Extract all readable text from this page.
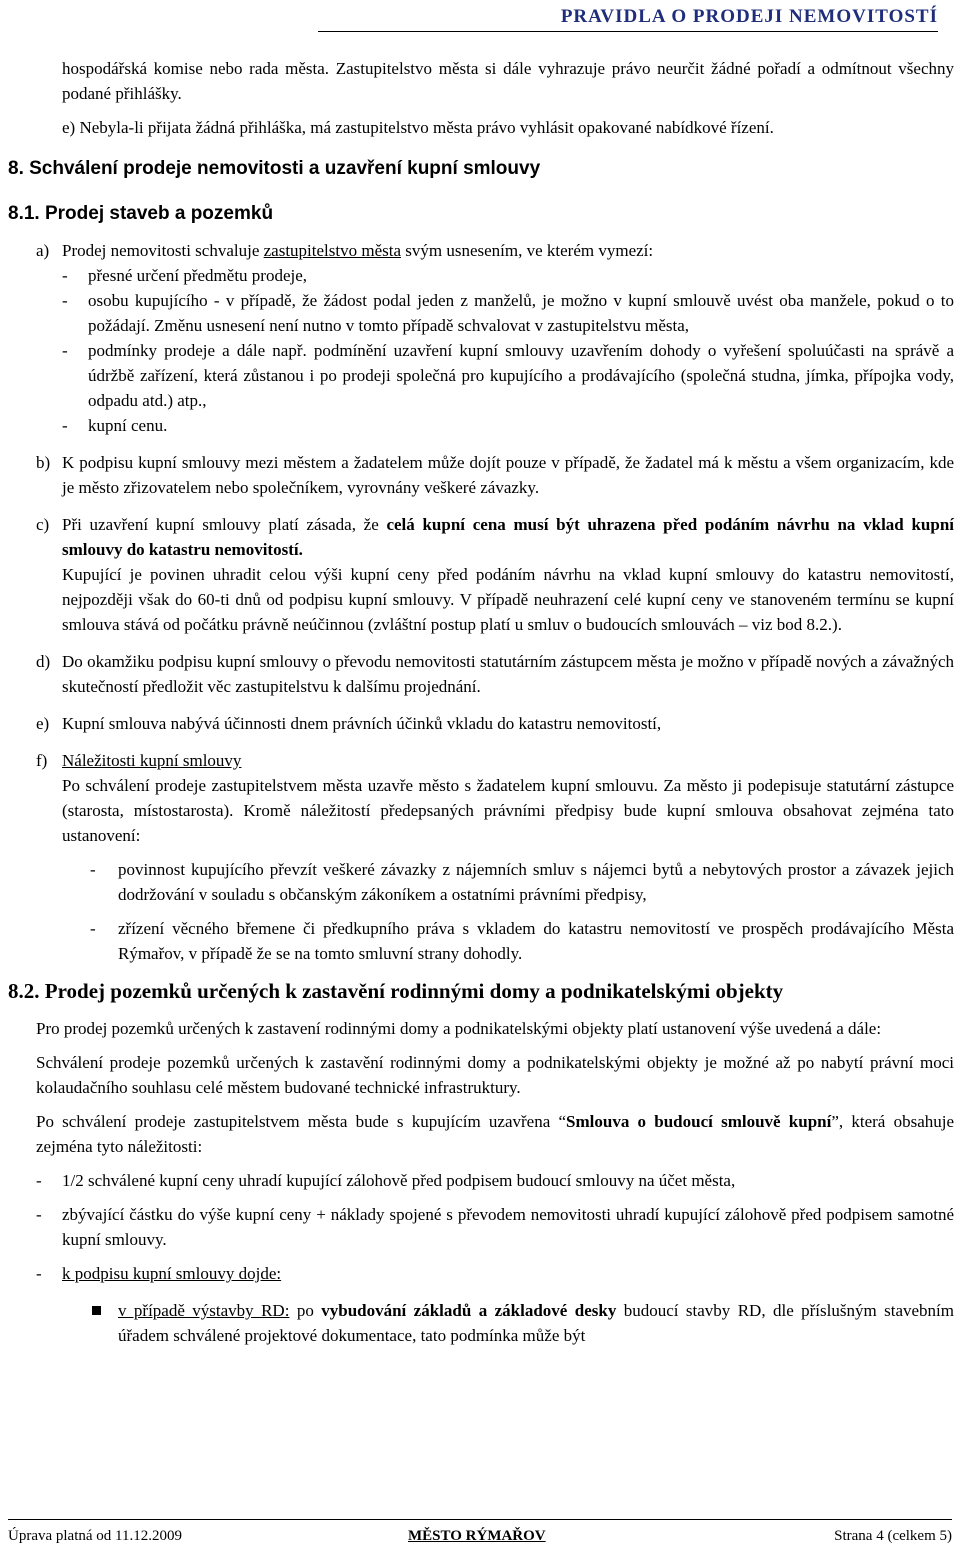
PRAVIDLA O PRODEJI NEMOVITOSTÍ

hospodářská komise nebo rada města. Zastupitelstvo města si dále vyhrazuje právo neurčit žádné pořadí a odmítnout všechny podané přihlášky.

e) Nebyla-li přijata žádná přihláška, má zastupitelstvo města právo vyhlásit opakované nabídkové řízení.

8. Schválení prodeje nemovitosti a uzavření kupní smlouvy
8.1. Prodej staveb a pozemků
a) Prodej nemovitosti schvaluje zastupitelstvo města svým usnesením, ve kterém vymezí:
- přesné určení předmětu prodeje,
- osobu kupujícího - v případě, že žádost podal jeden z manželů, je možno v kupní smlouvě uvést oba manžele, pokud o to požádají. Změnu usnesení není nutno v tomto případě schvalovat v zastupitelstvu města,
- podmínky prodeje a dále např. podmínění uzavření kupní smlouvy uzavřením dohody o vyřešení spoluúčasti na správě a údržbě zařízení, která zůstanou i po prodeji společná pro kupujícího a prodávajícího (společná studna, jímka, přípojka vody, odpadu atd.) atp.,
- kupní cenu.
b) K podpisu kupní smlouvy mezi městem a žadatelem může dojít pouze v případě, že žadatel má k městu a všem organizacím, kde je město zřizovatelem nebo společníkem, vyrovnány veškeré závazky.
c) Při uzavření kupní smlouvy platí zásada, že celá kupní cena musí být uhrazena před podáním návrhu na vklad kupní smlouvy do katastru nemovitostí.
Kupující je povinen uhradit celou výši kupní ceny před podáním návrhu na vklad kupní smlouvy do katastru nemovitostí, nejpozději však do 60-ti dnů od podpisu kupní smlouvy. V případě neuhrazení celé kupní ceny ve stanoveném termínu se kupní smlouva stává od počátku právně neúčinnou (zvláštní postup platí u smluv o budoucích smlouvách – viz bod 8.2.).
d) Do okamžiku podpisu kupní smlouvy o převodu nemovitosti statutárním zástupcem města je možno v případě nových a závažných skutečností předložit věc zastupitelstvu k dalšímu projednání.
e) Kupní smlouva nabývá účinnosti dnem právních účinků vkladu do katastru nemovitostí,
f) Náležitosti kupní smlouvy
Po schválení prodeje zastupitelstvem města uzavře město s žadatelem kupní smlouvu. Za město ji podepisuje statutární zástupce (starosta, místostarosta). Kromě náležitostí předepsaných právními předpisy bude kupní smlouva obsahovat zejména tato ustanovení:
- povinnost kupujícího převzít veškeré závazky z nájemních smluv s nájemci bytů a nebytových prostor a závazek jejich dodržování v souladu s občanským zákoníkem a ostatními právními předpisy,
- zřízení věcného břemene či předkupního práva s vkladem do katastru nemovitostí ve prospěch prodávajícího Města Rýmařov, v případě že se na tomto smluvní strany dohodly.
8.2. Prodej pozemků určených k zastavění rodinnými domy a podnikatelskými objekty

Pro prodej pozemků určených k zastavení rodinnými domy a podnikatelskými objekty platí ustanovení výše uvedená a dále:

Schválení prodeje pozemků určených k zastavění rodinnými domy a podnikatelskými objekty je možné až po nabytí právní moci kolaudačního souhlasu celé městem budované technické infrastruktury.

Po schválení prodeje zastupitelstvem města bude s kupujícím uzavřena “Smlouva o budoucí smlouvě kupní”, která obsahuje zejména tyto náležitosti:

- 1/2 schválené kupní ceny uhradí kupující zálohově před podpisem budoucí smlouvy na účet města,
- zbývající částku do výše kupní ceny + náklady spojené s převodem nemovitosti uhradí kupující zálohově před podpisem samotné kupní smlouvy.
- k podpisu kupní smlouvy dojde:
v případě výstavby RD: po vybudování základů a základové desky budoucí stavby RD, dle příslušným stavebním úřadem schválené projektové dokumentace, tato podmínka může být
Úprava platná od 11.12.2009	MĚSTO RÝMAŘOV	Strana 4 (celkem 5)
